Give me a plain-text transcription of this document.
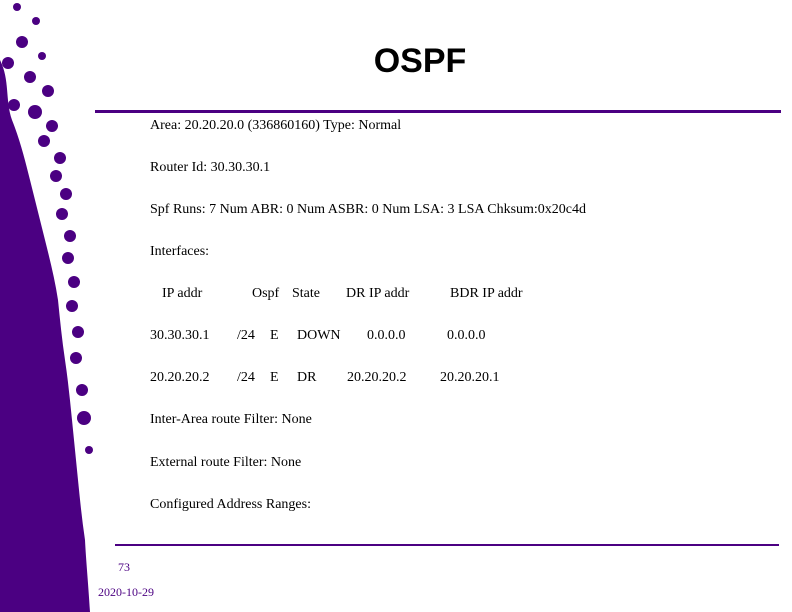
OSPF
Area: 20.20.20.0 (336860160) Type: Normal
Router Id: 30.30.30.1
Spf Runs: 7 Num ABR: 0 Num ASBR: 0 Num LSA: 3 LSA Chksum:0x20c4d
Interfaces:
IP addr	Ospf State DR IP addr	BDR IP addr
30.30.30.1 /24 E DOWN 0.0.0.0	0.0.0.0
20.20.20.2 /24 E DR 20.20.20.2 20.20.20.1
Inter-Area route Filter: None
External route Filter: None
Configured Address Ranges:
73
2020-10-29
